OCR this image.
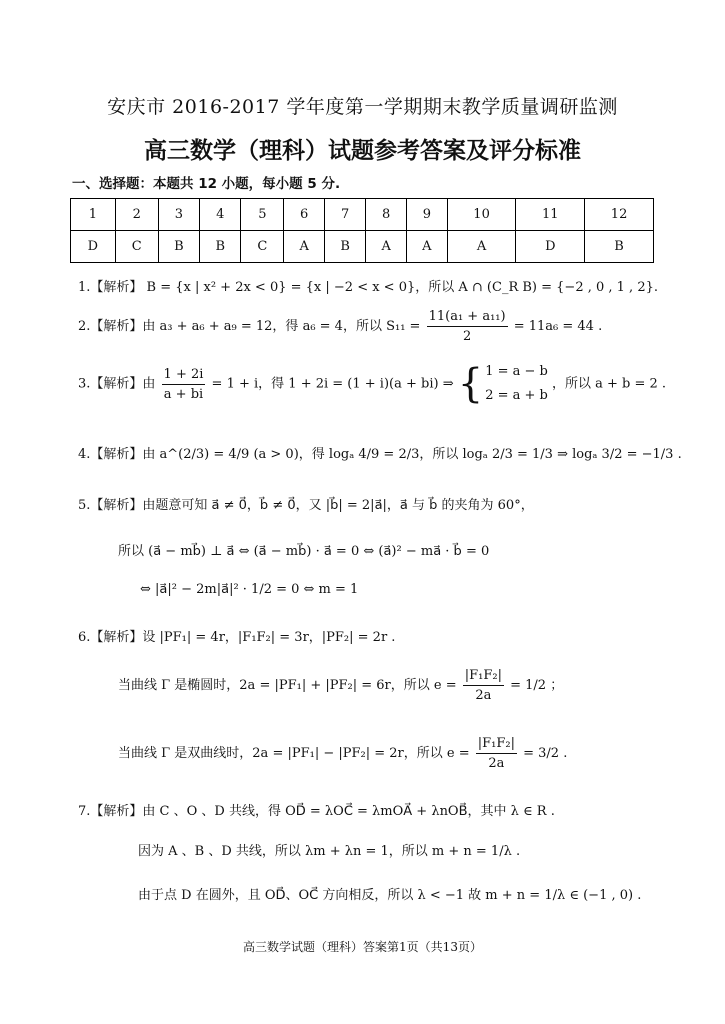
安庆市 2016-2017 学年度第一学期期末教学质量调研监测
高三数学（理科）试题参考答案及评分标准
一、选择题：本题共 12 小题，每小题 5 分.
1	2	3	4	5	6	7	8	9	10	11	12
D	C	B	B	C	A	B	A	A	A	D	B
1.【解析】 B = {x | x² + 2x < 0} = {x | −2 < x < 0}，所以 A ∩ (C_R B) = {−2 , 0 , 1 , 2}.
2.【解析】由 a₃ + a₆ + a₉ = 12，得 a₆ = 4，所以 $S_{11} = \frac{\text{11(a₁ + a₁₁)}}{2} = 11a_6 = 44$ .
3.【解析】由 $\frac{1 + 2i}{a + bi} = 1 + i$，得 1 + 2i = (1 + i)(a + bi) ⇒ { 1 = a − b
2 = a + b
，所以 a + b = 2 .
4.【解析】由 a^(2/3) = 4/9 (a > 0)，得 logₐ 4/9 = 2/3，所以 logₐ 2/3 = 1/3 ⇒ logₐ 3/2 = −1/3 .
5.【解析】由题意可知 a⃗ ≠ 0⃗，b⃗ ≠ 0⃗，又 |b⃗| = 2|a⃗|，a⃗ 与 b⃗ 的夹角为 60°，
所以 (a⃗ − mb⃗) ⊥ a⃗ ⇔ (a⃗ − mb⃗) · a⃗ = 0 ⇔ (a⃗)² − ma⃗ · b⃗ = 0
⇔ |a⃗|² − 2m|a⃗|² · 1/2 = 0 ⇔ m = 1
6.【解析】设 |PF₁| = 4r，|F₁F₂| = 3r，|PF₂| = 2r .
当曲线 Γ 是椭圆时，2a = |PF₁| + |PF₂| = 6r，所以 $e = \frac{\text{|F₁F₂|}}{2a} = 1/2$ ；
当曲线 Γ 是双曲线时，2a = |PF₁| − |PF₂| = 2r，所以 $e = \frac{\text{|F₁F₂|}}{2a} = 3/2$ .
7.【解析】由 C 、O 、D 共线，得 OD⃗ = λOC⃗ = λmOA⃗ + λnOB⃗，其中 λ ∈ R .
因为 A 、B 、D 共线，所以 λm + λn = 1，所以 m + n = 1/λ .
由于点 D 在圆外，且 OD⃗、OC⃗ 方向相反，所以 λ < −1 故 m + n = 1/λ ∈ (−1 , 0) .
高三数学试题（理科）答案第1页（共13页）
